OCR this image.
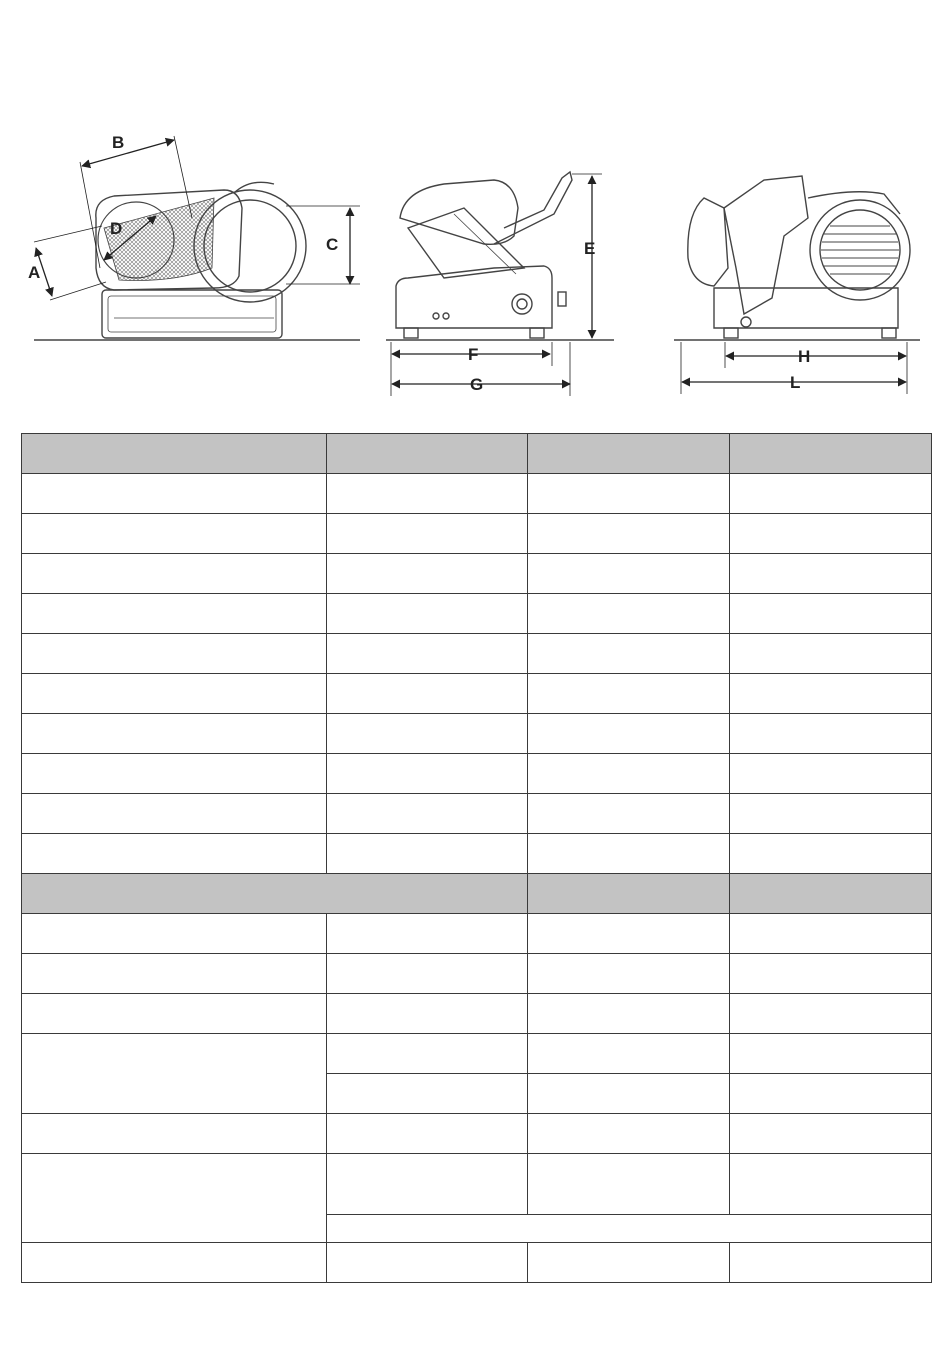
B
A
D
C	E
F
G
H
L
